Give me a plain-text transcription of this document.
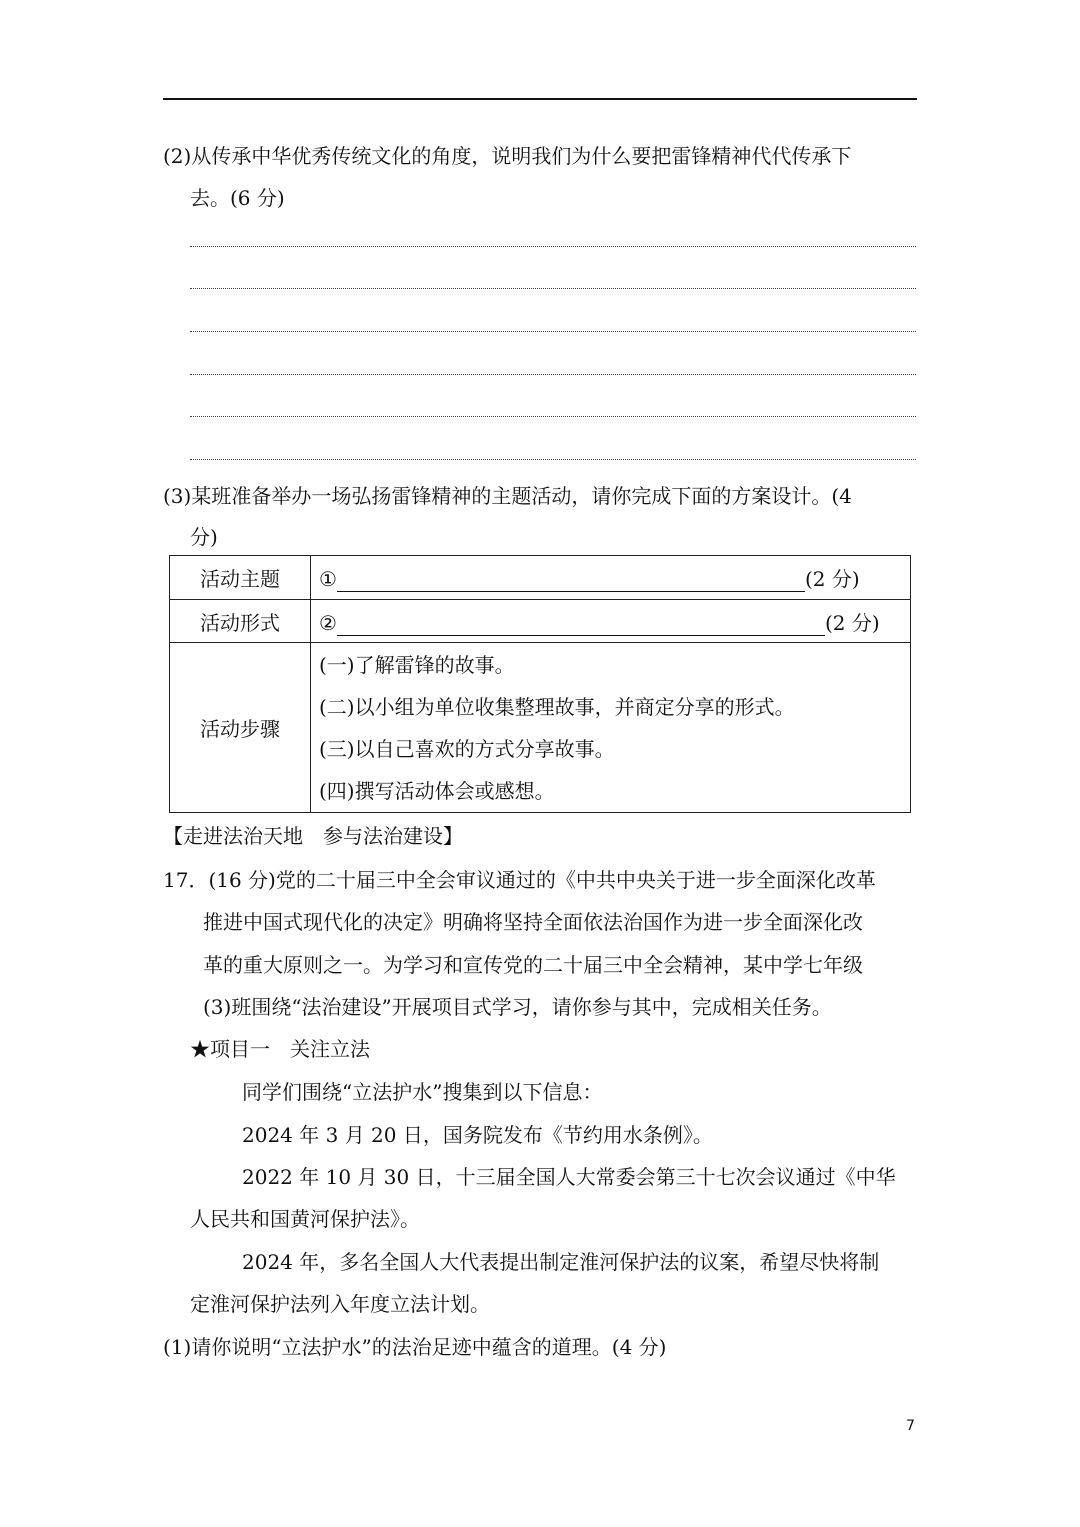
(2)从传承中华优秀传统文化的角度，说明我们为什么要把雷锋精神代代传承下
去。(6 分)
(3)某班准备举办一场弘扬雷锋精神的主题活动，请你完成下面的方案设计。(4
分)
活动主题	① (2 分)
活动形式	② (2 分)
活动步骤	(一)了解雷锋的故事。
(二)以小组为单位收集整理故事，并商定分享的形式。
(三)以自己喜欢的方式分享故事。
(四)撰写活动体会或感想。
【走进法治天地　参与法治建设】
17．(16 分)党的二十届三中全会审议通过的《中共中央关于进一步全面深化改革
推进中国式现代化的决定》明确将坚持全面依法治国作为进一步全面深化改
革的重大原则之一。为学习和宣传党的二十届三中全会精神，某中学七年级
(3)班围绕“法治建设”开展项目式学习，请你参与其中，完成相关任务。
★项目一　关注立法
同学们围绕“立法护水”搜集到以下信息：
2024 年 3 月 20 日，国务院发布《节约用水条例》。
2022 年 10 月 30 日，十三届全国人大常委会第三十七次会议通过《中华
人民共和国黄河保护法》。
2024 年，多名全国人大代表提出制定淮河保护法的议案，希望尽快将制
定淮河保护法列入年度立法计划。
(1)请你说明“立法护水”的法治足迹中蕴含的道理。(4 分)
7
